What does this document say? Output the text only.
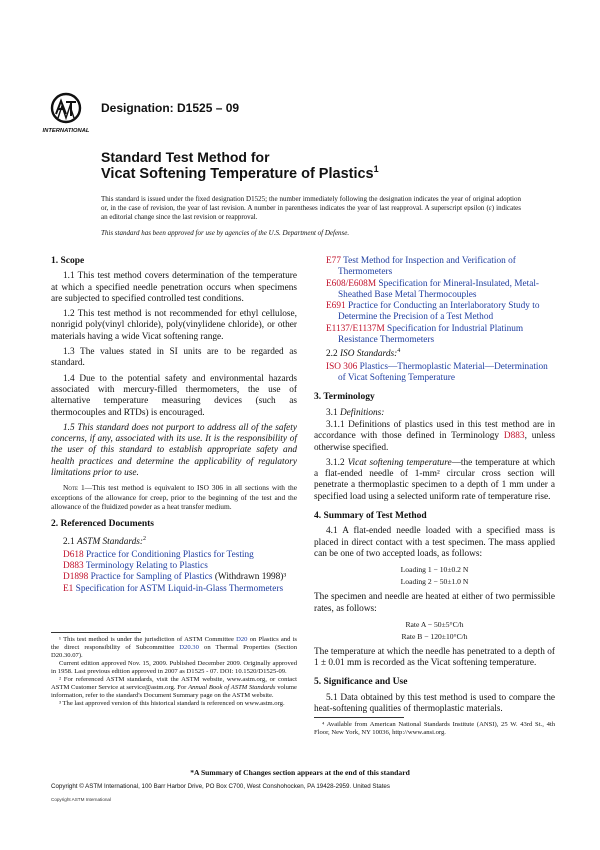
INTERNATIONAL
Designation: D1525 – 09
Standard Test Method for
Vicat Softening Temperature of Plastics$^1$
This standard is issued under the fixed designation D1525; the number immediately following the designation indicates the year of original adoption or, in the case of revision, the year of last revision. A number in parentheses indicates the year of last reapproval. A superscript epsilon (ε) indicates an editorial change since the last revision or reapproval.
This standard has been approved for use by agencies of the U.S. Department of Defense.
1. Scope

1.1 This test method covers determination of the temperature at which a specified needle penetration occurs when specimens are subjected to specified controlled test conditions.

1.2 This test method is not recommended for ethyl cellulose, nonrigid poly(vinyl chloride), poly(vinylidene chloride), or other materials having a wide Vicat softening range.

1.3 The values stated in SI units are to be regarded as standard.

1.4 Due to the potential safety and environmental hazards associated with mercury-filled thermometers, the use of alternative temperature measuring devices (such as thermocouples and RTDs) is encouraged.

1.5 This standard does not purport to address all of the safety concerns, if any, associated with its use. It is the responsibility of the user of this standard to establish appropriate safety and health practices and determine the applicability of regulatory limitations prior to use.

Note 1—This test method is equivalent to ISO 306 in all sections with the exceptions of the allowance for creep, prior to the beginning of the test and the allowance of the fluidized powder as a heat transfer medium.

2. Referenced Documents

2.1 ASTM Standards:$^2$

D618 Practice for Conditioning Plastics for Testing
D883 Terminology Relating to Plastics
D1898 Practice for Sampling of Plastics (Withdrawn 1998)³
E1 Specification for ASTM Liquid-in-Glass Thermometers

¹ This test method is under the jurisdiction of ASTM Committee D20 on Plastics and is the direct responsibility of Subcommittee D20.30 on Thermal Properties (Section D20.30.07).

Current edition approved Nov. 15, 2009. Published December 2009. Originally approved in 1958. Last previous edition approved in 2007 as D1525 - 07. DOI: 10.1520/D1525-09.

² For referenced ASTM standards, visit the ASTM website, www.astm.org, or contact ASTM Customer Service at service@astm.org. For Annual Book of ASTM Standards volume information, refer to the standard's Document Summary page on the ASTM website.

³ The last approved version of this historical standard is referenced on www.astm.org.

E77 Test Method for Inspection and Verification of Thermometers
E608/E608M Specification for Mineral-Insulated, Metal-Sheathed Base Metal Thermocouples
E691 Practice for Conducting an Interlaboratory Study to Determine the Precision of a Test Method
E1137/E1137M Specification for Industrial Platinum Resistance Thermometers

2.2 ISO Standards:$^4$

ISO 306 Plastics—Thermoplastic Material—Determination of Vicat Softening Temperature
3. Terminology

3.1 Definitions:

3.1.1 Definitions of plastics used in this test method are in accordance with those defined in Terminology D883, unless otherwise specified.

3.1.2 Vicat softening temperature—the temperature at which a flat-ended needle of 1-mm² circular cross section will penetrate a thermoplastic specimen to a depth of 1 mm under a specified load using a selected uniform rate of temperature rise.

4. Summary of Test Method

4.1 A flat-ended needle loaded with a specified mass is placed in direct contact with a test specimen. The mass applied can be one of two accepted loads, as follows:

Loading 1 − 10±0.2 N
Loading 2 − 50±1.0 N

The specimen and needle are heated at either of two permissible rates, as follows:

Rate A − 50±5°C/h
Rate B − 120±10°C/h

The temperature at which the needle has penetrated to a depth of 1 ± 0.01 mm is recorded as the Vicat softening temperature.

5. Significance and Use

5.1 Data obtained by this test method is used to compare the heat-softening qualities of thermoplastic materials.

⁴ Available from American National Standards Institute (ANSI), 25 W. 43rd St., 4th Floor, New York, NY 10036, http://www.ansi.org.

*A Summary of Changes section appears at the end of this standard
Copyright © ASTM International, 100 Barr Harbor Drive, PO Box C700, West Conshohocken, PA 19428-2959. United States
Copyright ASTM International
